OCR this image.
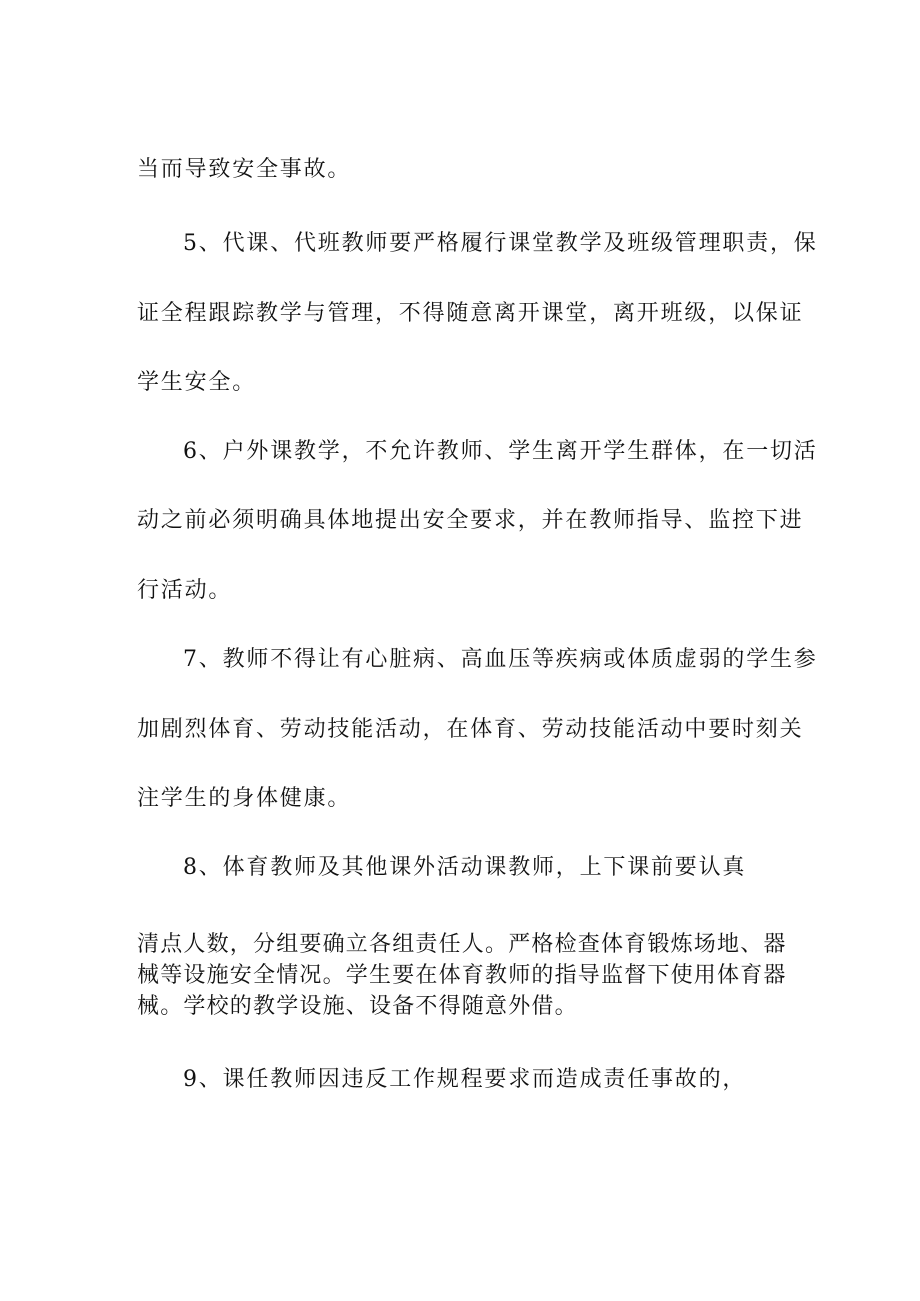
当而导致安全事故。
5、代课、代班教师要严格履行课堂教学及班级管理职责，保
证全程跟踪教学与管理，不得随意离开课堂，离开班级，以保证
学生安全。
6、户外课教学，不允许教师、学生离开学生群体，在一切活
动之前必须明确具体地提出安全要求，并在教师指导、监控下进
行活动。
7、教师不得让有心脏病、高血压等疾病或体质虚弱的学生参
加剧烈体育、劳动技能活动，在体育、劳动技能活动中要时刻关
注学生的身体健康。
8、体育教师及其他课外活动课教师，上下课前要认真
清点人数，分组要确立各组责任人。严格检查体育锻炼场地、器
械等设施安全情况。学生要在体育教师的指导监督下使用体育器
械。学校的教学设施、设备不得随意外借。
9、课任教师因违反工作规程要求而造成责任事故的，
